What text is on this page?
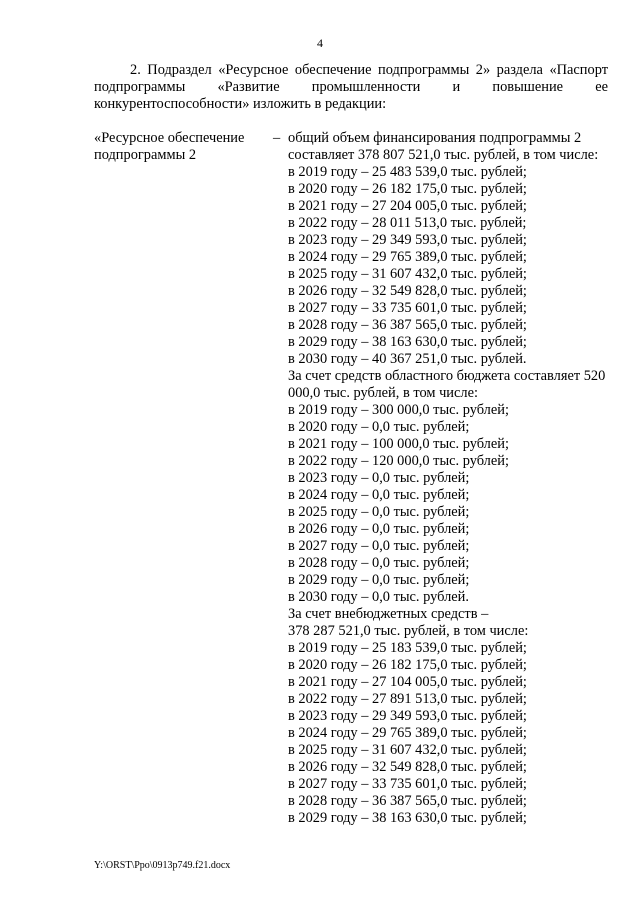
4

2. Подраздел «Ресурсное обеспечение подпрограммы 2» раздела «Паспорт подпрограммы «Развитие промышленности и повышение ее конкурентоспособности» изложить в редакции:

«Ресурсное обеспечение подпрограммы 2
– общий объем финансирования подпрограммы 2 составляет 378 807 521,0 тыс. рублей, в том числе:
в 2019 году – 25 483 539,0 тыс. рублей;
в 2020 году – 26 182 175,0 тыс. рублей;
в 2021 году – 27 204 005,0 тыс. рублей;
в 2022 году – 28 011 513,0 тыс. рублей;
в 2023 году – 29 349 593,0 тыс. рублей;
в 2024 году – 29 765 389,0 тыс. рублей;
в 2025 году – 31 607 432,0 тыс. рублей;
в 2026 году – 32 549 828,0 тыс. рублей;
в 2027 году – 33 735 601,0 тыс. рублей;
в 2028 году – 36 387 565,0 тыс. рублей;
в 2029 году – 38 163 630,0 тыс. рублей;
в 2030 году – 40 367 251,0 тыс. рублей.
За счет средств областного бюджета составляет 520 000,0 тыс. рублей, в том числе:
в 2019 году – 300 000,0 тыс. рублей;
в 2020 году – 0,0 тыс. рублей;
в 2021 году – 100 000,0 тыс. рублей;
в 2022 году – 120 000,0 тыс. рублей;
в 2023 году – 0,0 тыс. рублей;
в 2024 году – 0,0 тыс. рублей;
в 2025 году – 0,0 тыс. рублей;
в 2026 году – 0,0 тыс. рублей;
в 2027 году – 0,0 тыс. рублей;
в 2028 году – 0,0 тыс. рублей;
в 2029 году – 0,0 тыс. рублей;
в 2030 году – 0,0 тыс. рублей.
За счет внебюджетных средств –
378 287 521,0 тыс. рублей, в том числе:
в 2019 году – 25 183 539,0 тыс. рублей;
в 2020 году – 26 182 175,0 тыс. рублей;
в 2021 году – 27 104 005,0 тыс. рублей;
в 2022 году – 27 891 513,0 тыс. рублей;
в 2023 году – 29 349 593,0 тыс. рублей;
в 2024 году – 29 765 389,0 тыс. рублей;
в 2025 году – 31 607 432,0 тыс. рублей;
в 2026 году – 32 549 828,0 тыс. рублей;
в 2027 году – 33 735 601,0 тыс. рублей;
в 2028 году – 36 387 565,0 тыс. рублей;
в 2029 году – 38 163 630,0 тыс. рублей;
Y:\ORST\Ppo\0913p749.f21.docx
